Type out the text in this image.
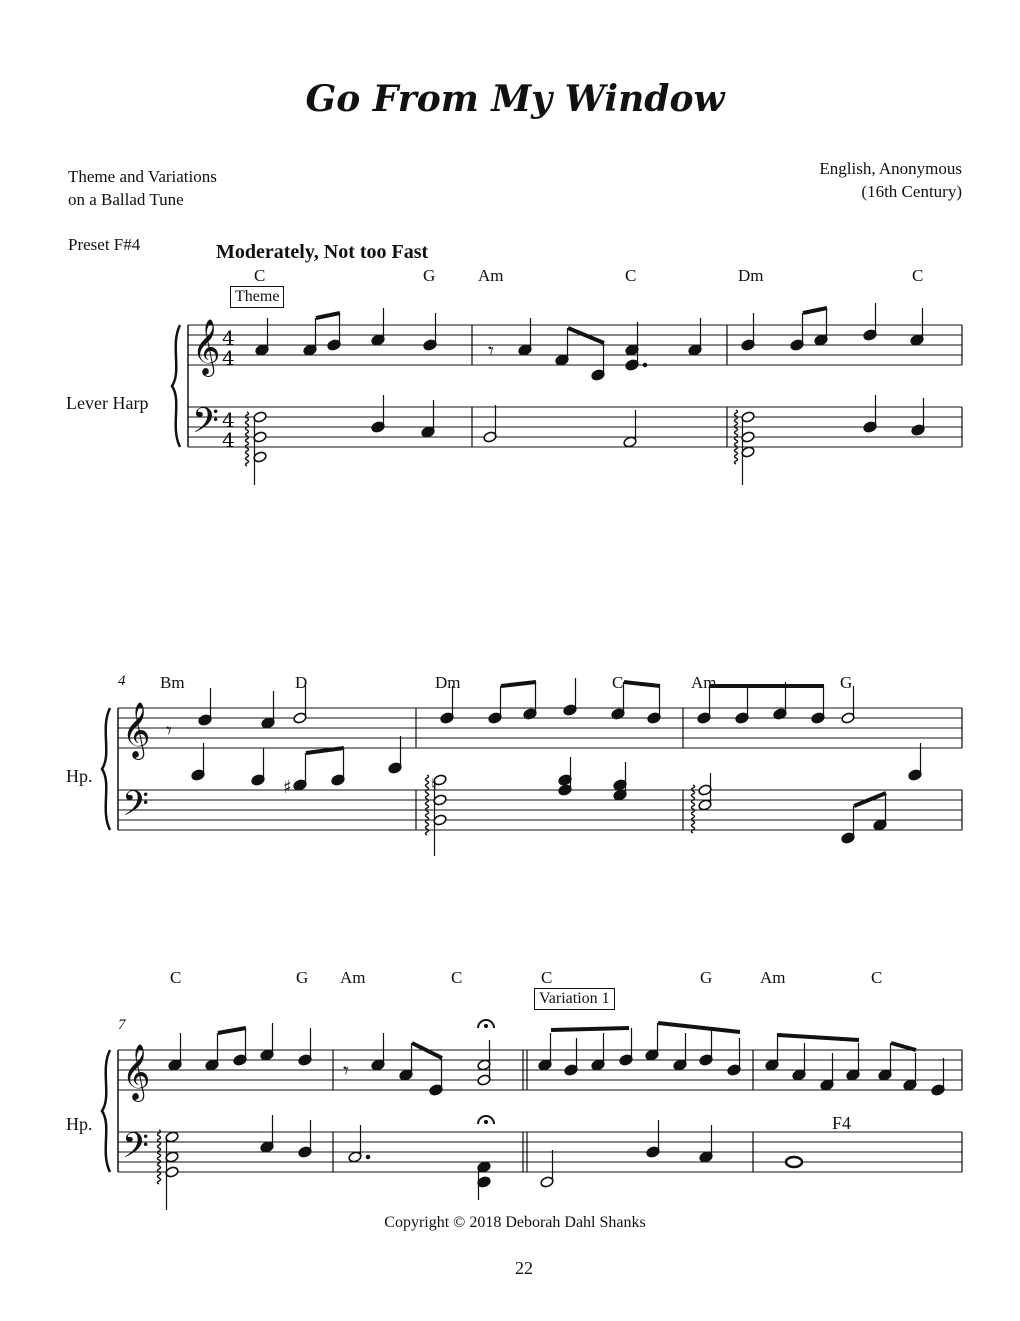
Go From My Window
Theme and Variations
on a Ballad Tune
English, Anonymous
(16th Century)
Preset F#4	Moderately, Not too Fast
C	G	Am	C	Dm	C
Theme
Lever Harp
4 Bm	D	Dm	C	Am	G
Hp.
C	G Am	C	C	G	Am	C
Variation 1
7
Hp.	F4
Copyright © 2018 Deborah Dahl Shanks
22
𝄞
𝄢
4
4
4
4
𝄞
𝄢
𝄞
𝄢
𝄾
𝄾
♯	♮
𝄾
